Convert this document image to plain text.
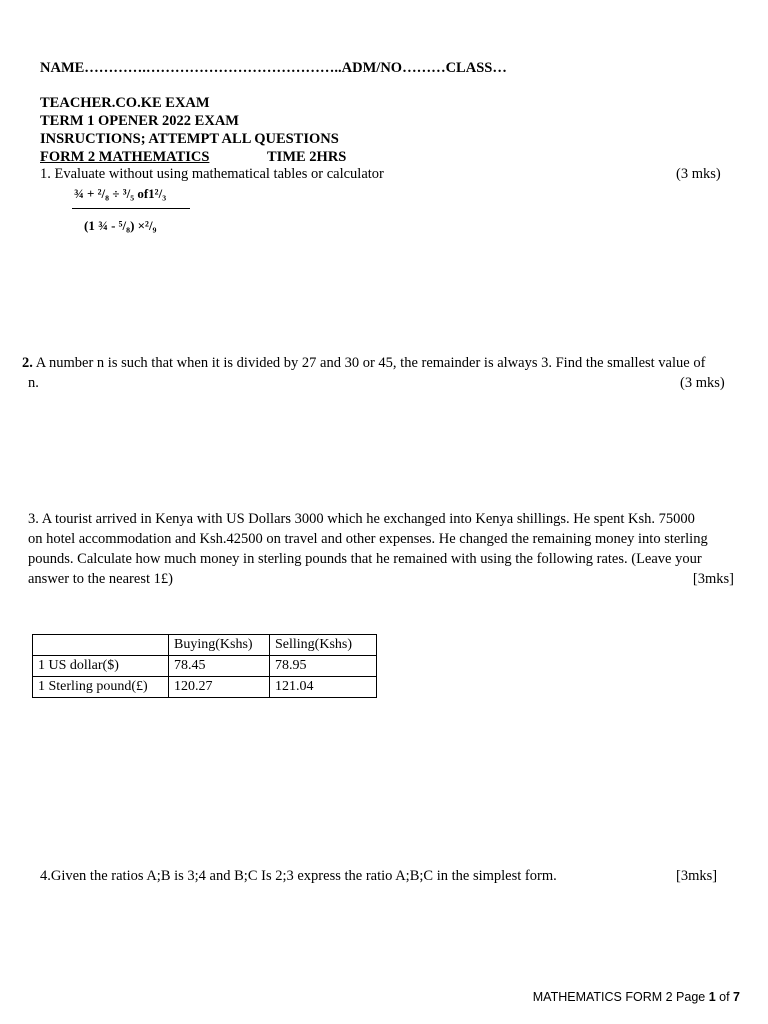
NAME………….…………………………………..ADM/NO………CLASS…
TEACHER.CO.KE EXAM
TERM 1 OPENER 2022 EXAM
INSRUCTIONS; ATTEMPT ALL QUESTIONS
FORM 2 MATHEMATICS	TIME 2HRS
1. Evaluate without using mathematical tables or calculator	(3 mks)
¾ + ²/₈ ÷ ³/₅ of1²/₃
(1 ¾ - ⁵/₈) ×²/₉
2. A number n is such that when it is divided by 27 and 30 or 45, the remainder is always 3. Find the smallest value of
n.	(3 mks)
3. A tourist arrived in Kenya with US Dollars 3000 which he exchanged into Kenya shillings. He spent Ksh. 75000
on hotel accommodation and Ksh.42500 on travel and other expenses. He changed the remaining money into sterling
pounds. Calculate how much money in sterling pounds that he remained with using the following rates. (Leave your
answer to the nearest 1£)	[3mks]
	Buying(Kshs)	Selling(Kshs)
1 US dollar($)	78.45	78.95
1 Sterling pound(£)	120.27	121.04
4.Given the ratios A;B is 3;4 and B;C Is 2;3 express the ratio A;B;C in the simplest form.	[3mks]
MATHEMATICS FORM 2 Page 1 of 7
